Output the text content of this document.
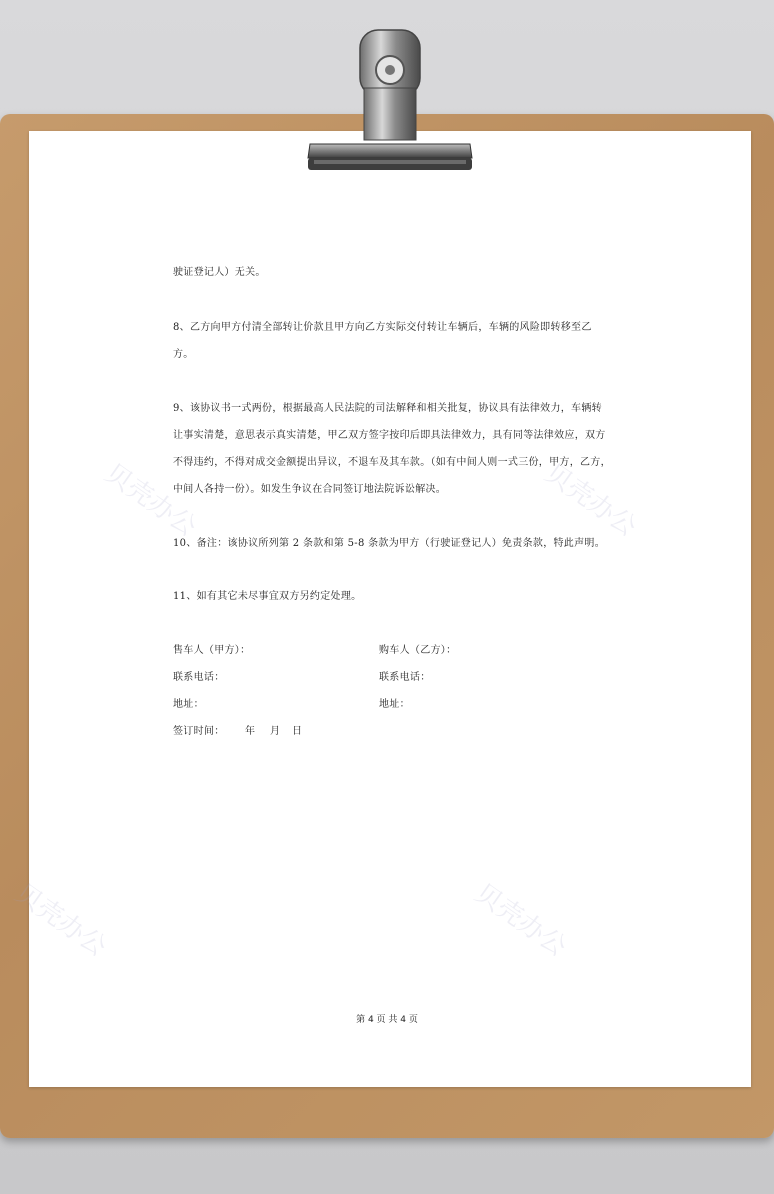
贝壳办公	贝壳办公
贝壳办公	贝壳办公
驶证登记人）无关。
8、乙方向甲方付清全部转让价款且甲方向乙方实际交付转让车辆后，车辆的风险即转移至乙
方。
9、该协议书一式两份，根据最高人民法院的司法解释和相关批复，协议具有法律效力，车辆转
让事实清楚，意思表示真实清楚，甲乙双方签字按印后即具法律效力，具有同等法律效应，双方
不得违约，不得对成交金额提出异议，不退车及其车款。（如有中间人则一式三份，甲方，乙方，
中间人各持一份）。如发生争议在合同签订地法院诉讼解决。
10、备注：该协议所列第 2 条款和第 5-8 条款为甲方（行驶证登记人）免责条款，特此声明。
11、如有其它未尽事宜双方另约定处理。
售车人（甲方）：	购车人（乙方）：
联系电话：	联系电话：
地址：	地址：
签订时间： 年 月 日
第 4 页 共 4 页
